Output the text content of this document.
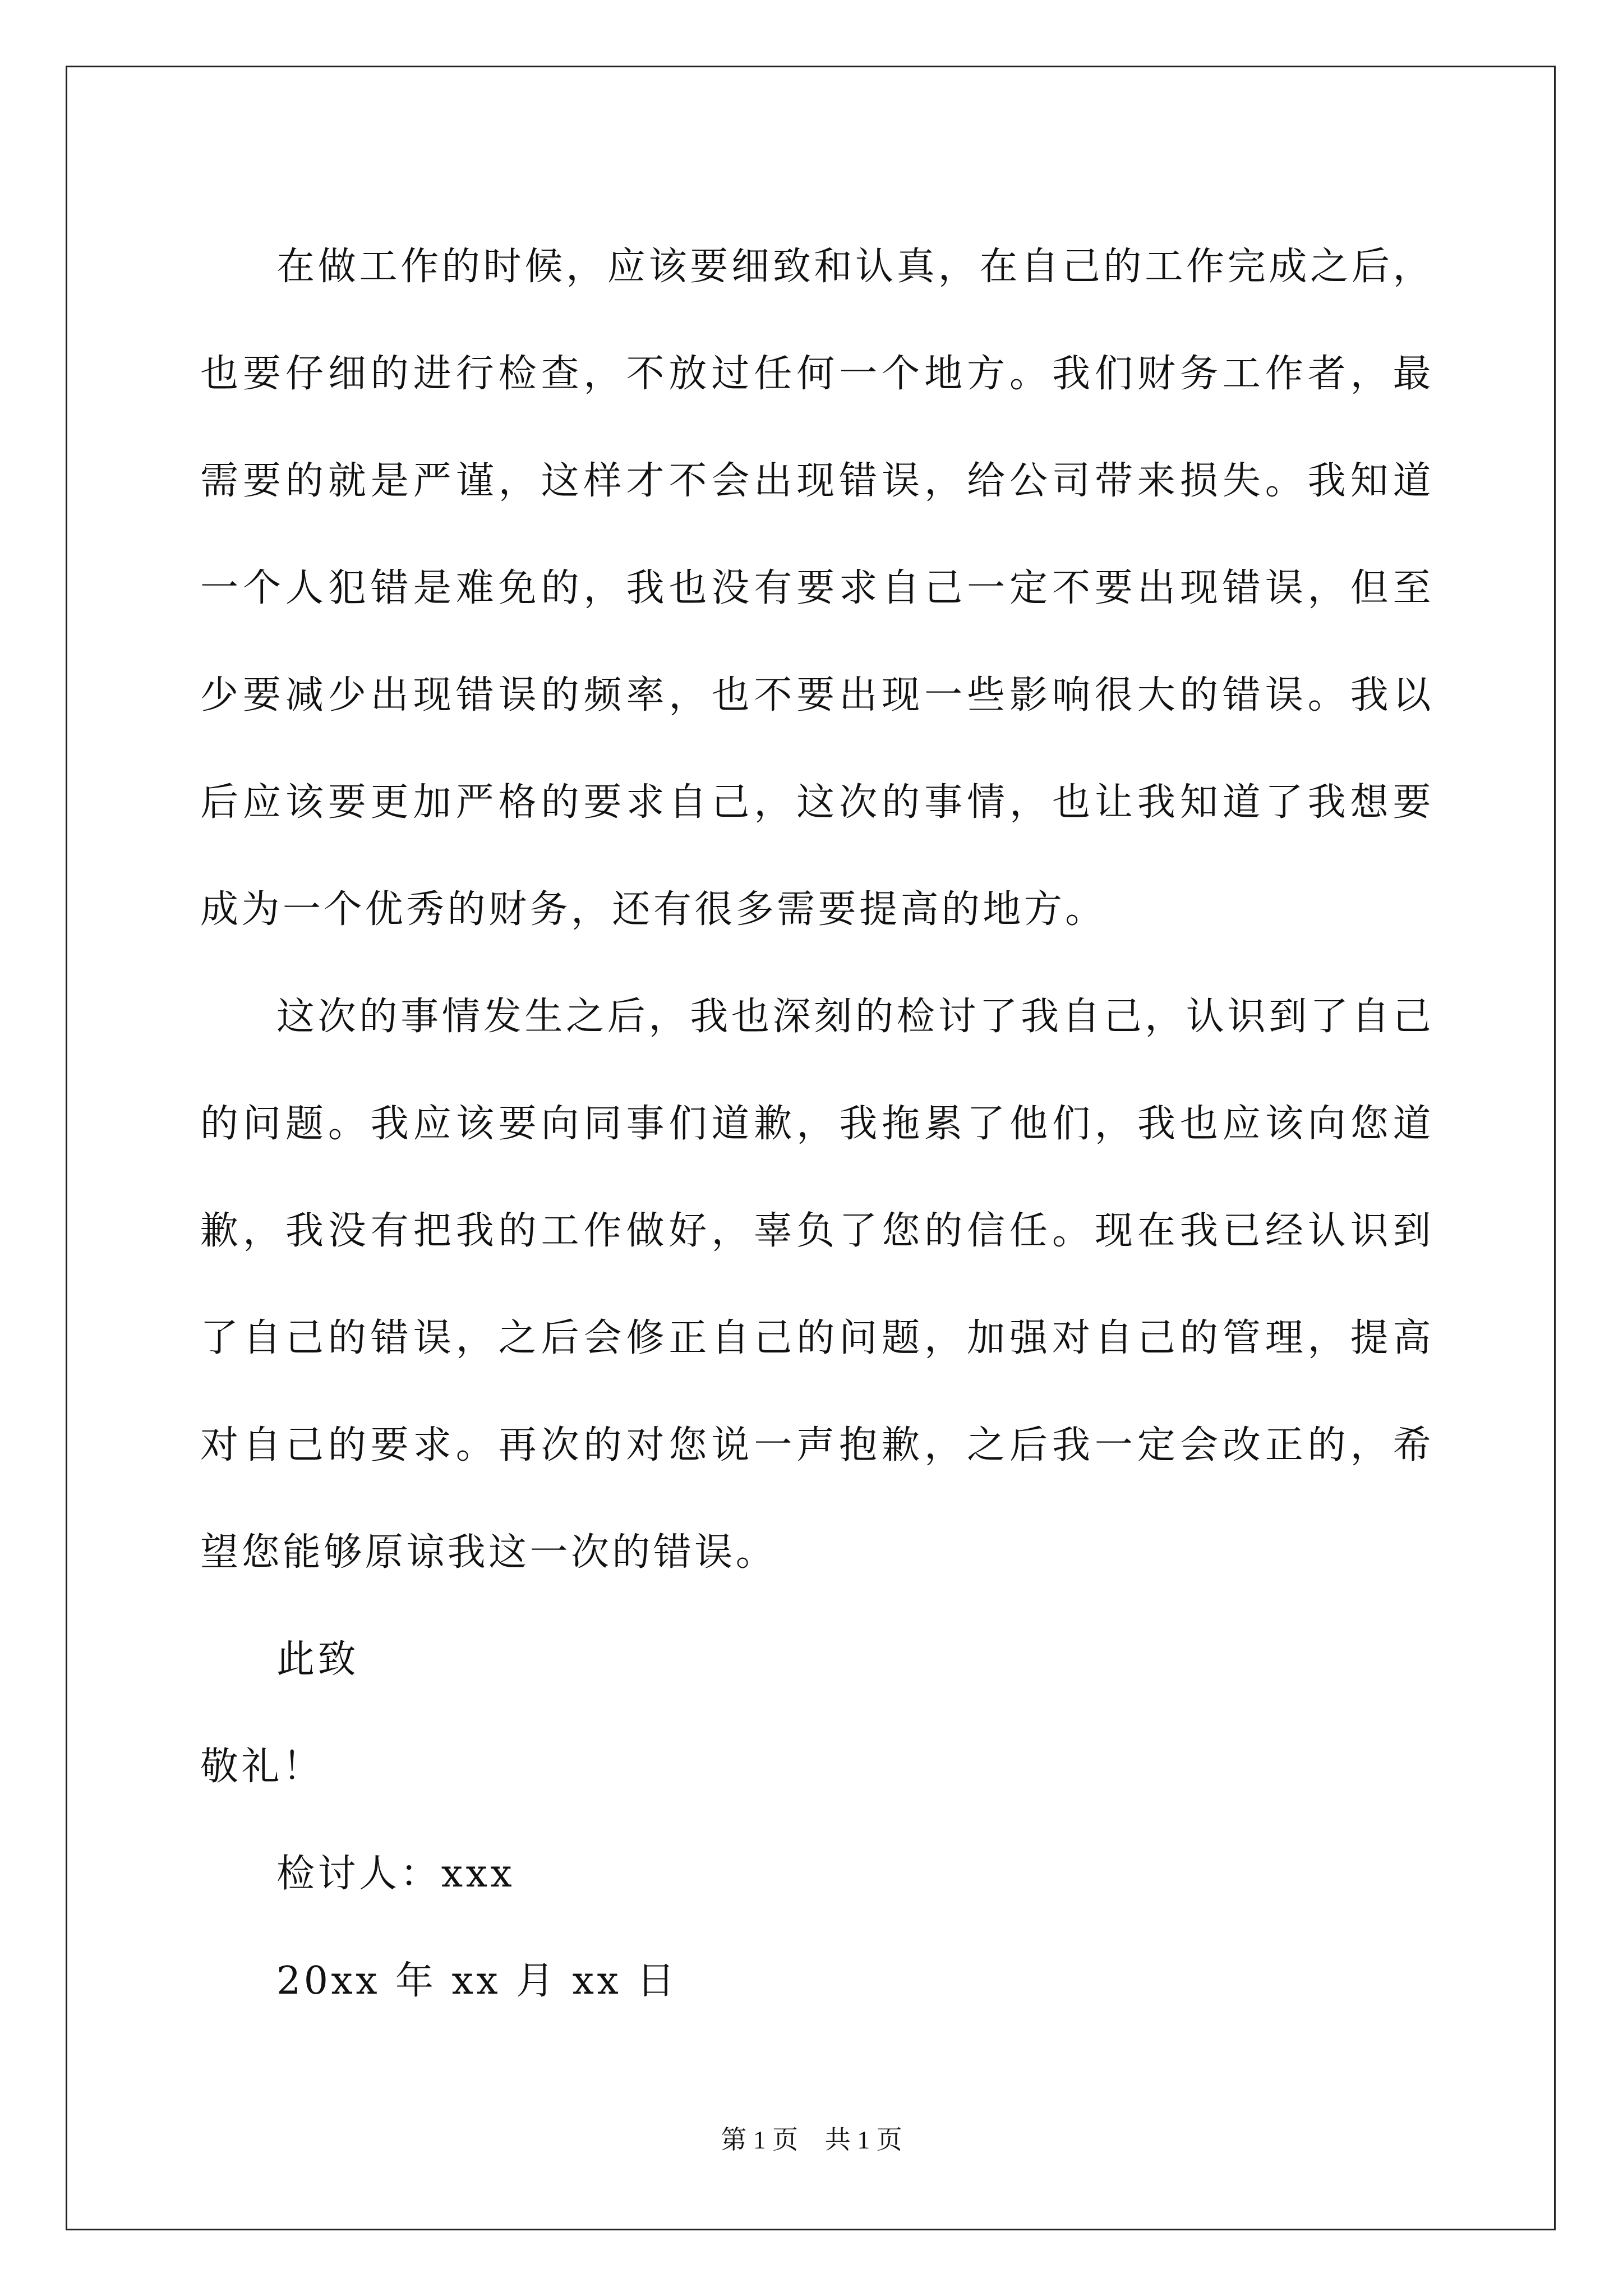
在做工作的时候，应该要细致和认真，在自己的工作完成之后，也要仔细的进行检查，不放过任何一个地方。我们财务工作者，最需要的就是严谨，这样才不会出现错误，给公司带来损失。我知道一个人犯错是难免的，我也没有要求自己一定不要出现错误，但至少要减少出现错误的频率，也不要出现一些影响很大的错误。我以后应该要更加严格的要求自己，这次的事情，也让我知道了我想要成为一个优秀的财务，还有很多需要提高的地方。

这次的事情发生之后，我也深刻的检讨了我自己，认识到了自己的问题。我应该要向同事们道歉，我拖累了他们，我也应该向您道歉，我没有把我的工作做好，辜负了您的信任。现在我已经认识到了自己的错误，之后会修正自己的问题，加强对自己的管理，提高对自己的要求。再次的对您说一声抱歉，之后我一定会改正的，希望您能够原谅我这一次的错误。

此致

敬礼！

检讨人：xxx

20xx 年 xx 月 xx 日

第 1 页 共 1 页
